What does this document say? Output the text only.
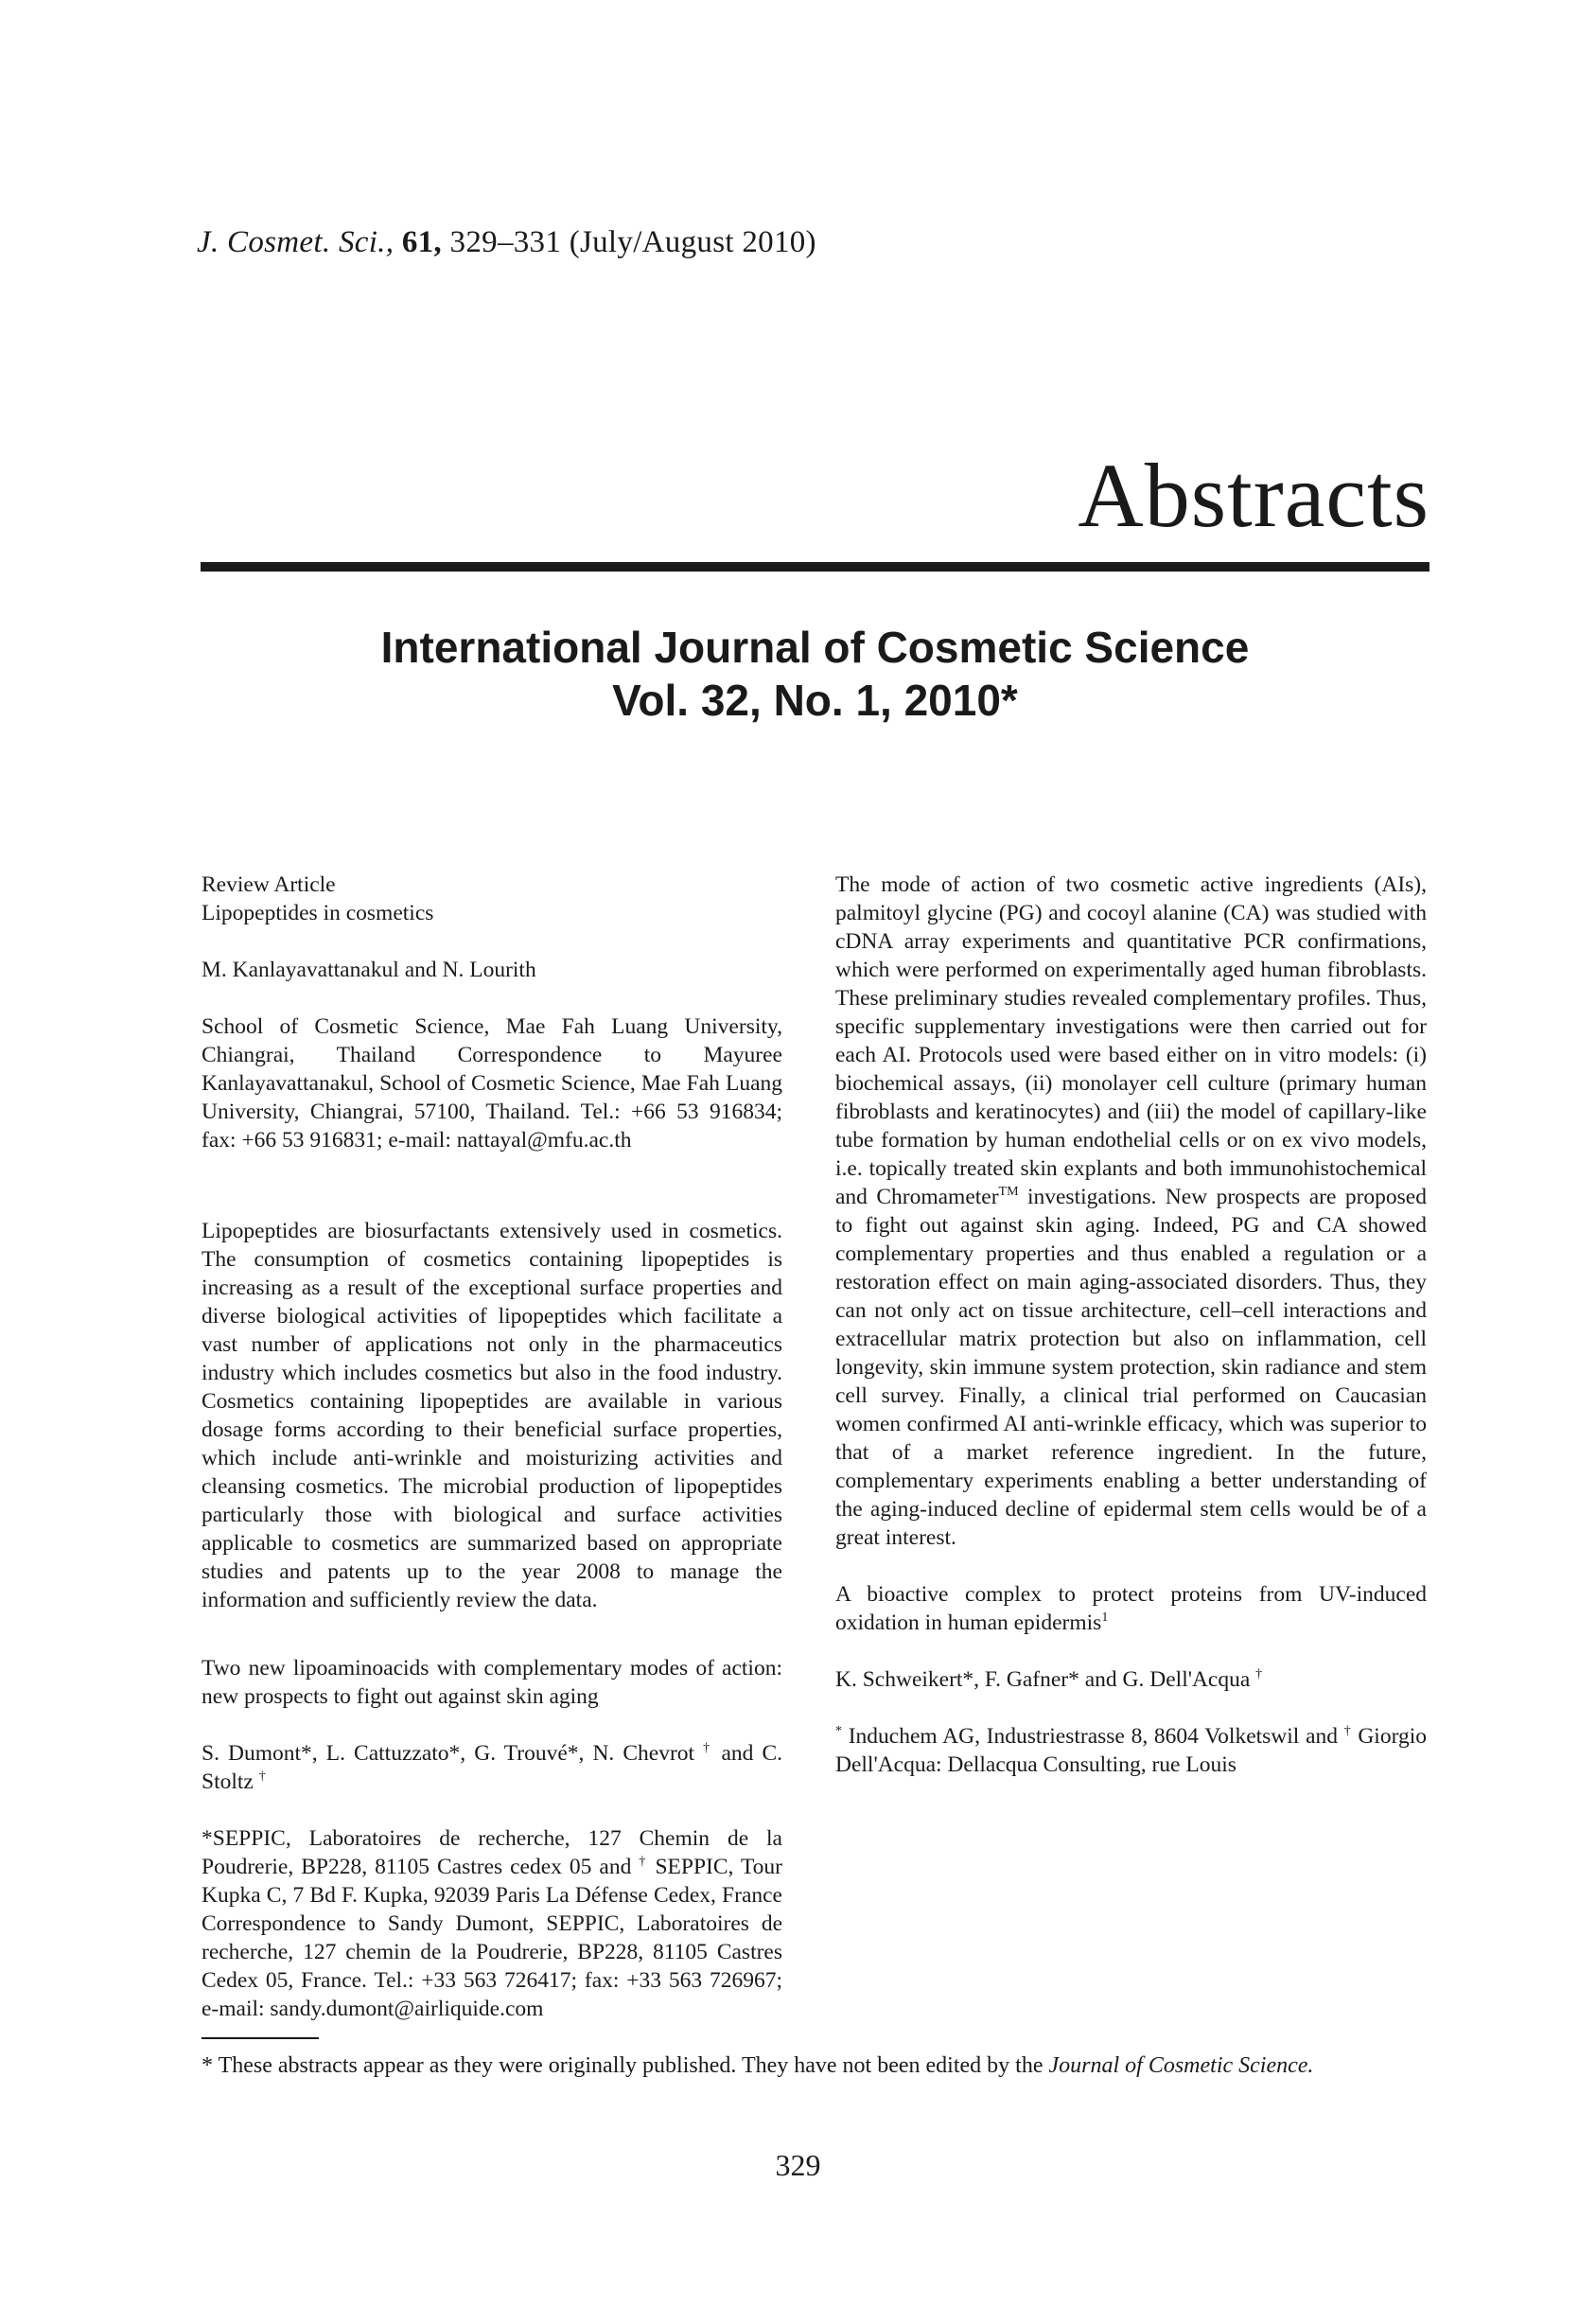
J. Cosmet. Sci., 61, 329–331 (July/August 2010)
Abstracts
International Journal of Cosmetic Science
Vol. 32, No. 1, 2010*
Review Article
Lipopeptides in cosmetics
M. Kanlayavattanakul and N. Lourith

School of Cosmetic Science, Mae Fah Luang University, Chiangrai, Thailand Correspondence to Mayuree Kanlayavattanakul, School of Cosmetic Science, Mae Fah Luang University, Chiangrai, 57100, Thailand. Tel.: +66 53 916834; fax: +66 53 916831; e-mail: nattayal@mfu.ac.th

Lipopeptides are biosurfactants extensively used in cosmetics. The consumption of cosmetics containing lipopeptides is increasing as a result of the exceptional surface properties and diverse biological activities of lipopeptides which facilitate a vast number of applications not only in the pharmaceutics industry which includes cosmetics but also in the food industry. Cosmetics containing lipopeptides are available in various dosage forms according to their beneficial surface properties, which include anti-wrinkle and moisturizing activities and cleansing cosmetics. The microbial production of lipopeptides particularly those with biological and surface activities applicable to cosmetics are summarized based on appropriate studies and patents up to the year 2008 to manage the information and sufficiently review the data.

Two new lipoaminoacids with complementary modes of action: new prospects to fight out against skin aging

S. Dumont*, L. Cattuzzato*, G. Trouvé*, N. Chevrot † and C. Stoltz †

*SEPPIC, Laboratoires de recherche, 127 Chemin de la Poudrerie, BP228, 81105 Castres cedex 05 and † SEPPIC, Tour Kupka C, 7 Bd F. Kupka, 92039 Paris La Défense Cedex, France Correspondence to Sandy Dumont, SEPPIC, Laboratoires de recherche, 127 chemin de la Poudrerie, BP228, 81105 Castres Cedex 05, France. Tel.: +33 563 726417; fax: +33 563 726967; e-mail: sandy.dumont@airliquide.com

The mode of action of two cosmetic active ingredients (AIs), palmitoyl glycine (PG) and cocoyl alanine (CA) was studied with cDNA array experiments and quantitative PCR confirmations, which were performed on experimentally aged human fibroblasts. These preliminary studies revealed complementary profiles. Thus, specific supplementary investigations were then carried out for each AI. Protocols used were based either on in vitro models: (i) biochemical assays, (ii) monolayer cell culture (primary human fibroblasts and keratinocytes) and (iii) the model of capillary-like tube formation by human endothelial cells or on ex vivo models, i.e. topically treated skin explants and both immunohistochemical and Chromameter™ investigations. New prospects are proposed to fight out against skin aging. Indeed, PG and CA showed complementary properties and thus enabled a regulation or a restoration effect on main aging-associated disorders. Thus, they can not only act on tissue architecture, cell–cell interactions and extracellular matrix protection but also on inflammation, cell longevity, skin immune system protection, skin radiance and stem cell survey. Finally, a clinical trial performed on Caucasian women confirmed AI anti-wrinkle efficacy, which was superior to that of a market reference ingredient. In the future, complementary experiments enabling a better understanding of the aging-induced decline of epidermal stem cells would be of a great interest.

A bioactive complex to protect proteins from UV-induced oxidation in human epidermis$^1$

K. Schweikert*, F. Gafner* and G. Dell'Acqua †

* Induchem AG, Industriestrasse 8, 8604 Volketswil and † Giorgio Dell'Acqua: Dellacqua Consulting, rue Louis

* These abstracts appear as they were originally published. They have not been edited by the Journal of Cosmetic Science.
329
